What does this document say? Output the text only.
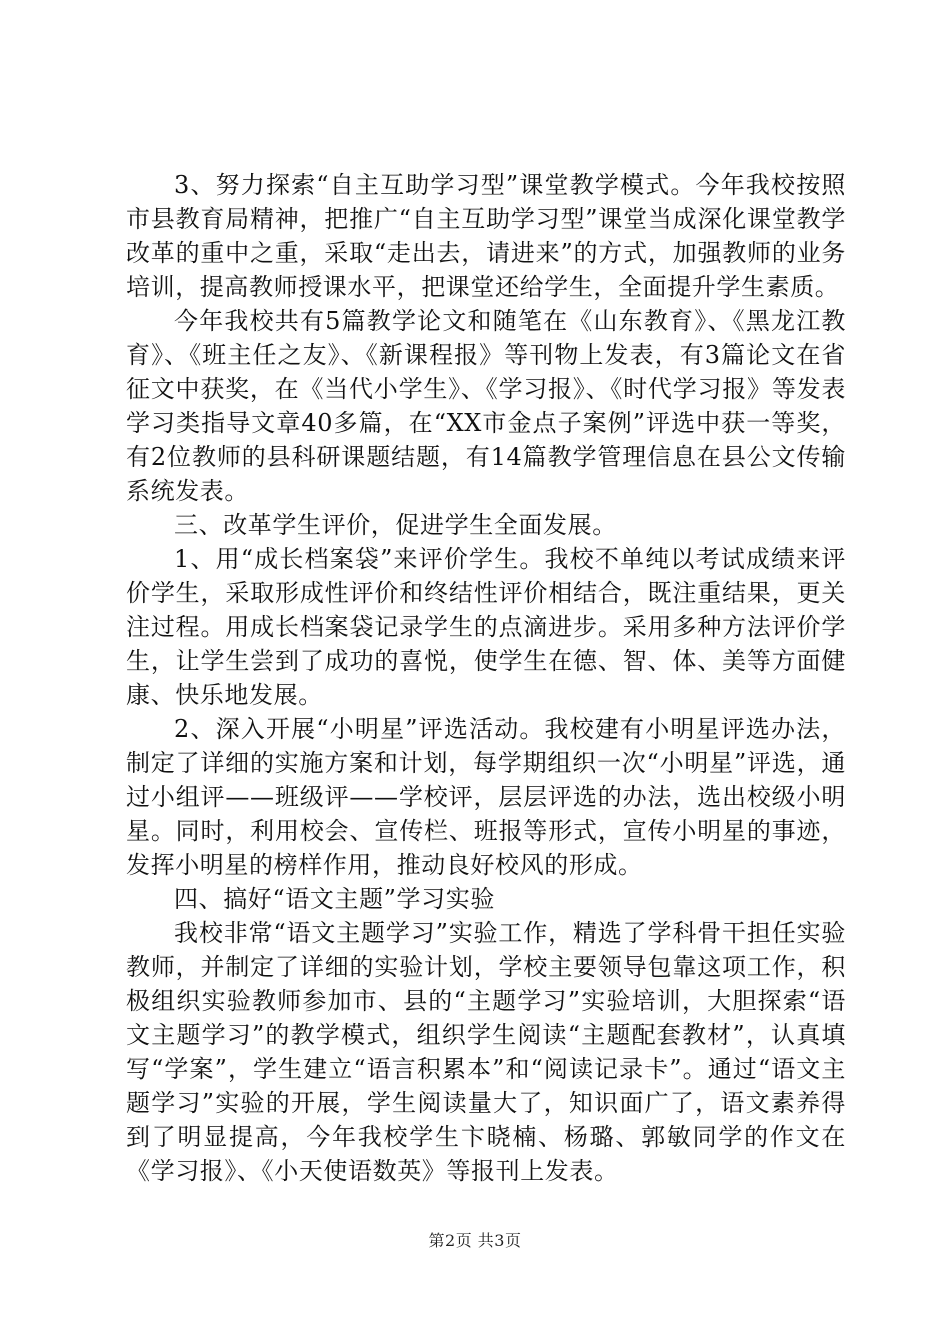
3、努力探索“自主互助学习型”课堂教学模式。今年我校按照市县教育局精神，把推广“自主互助学习型”课堂当成深化课堂教学改革的重中之重，采取“走出去，请进来”的方式，加强教师的业务培训，提高教师授课水平，把课堂还给学生，全面提升学生素质。

今年我校共有5篇教学论文和随笔在《山东教育》、《黑龙江教育》、《班主任之友》、《新课程报》等刊物上发表，有3篇论文在省征文中获奖，在《当代小学生》、《学习报》、《时代学习报》等发表学习类指导文章40多篇，在“XX市金点子案例”评选中获一等奖，有2位教师的县科研课题结题，有14篇教学管理信息在县公文传输系统发表。

三、改革学生评价，促进学生全面发展。

1、用“成长档案袋”来评价学生。我校不单纯以考试成绩来评价学生，采取形成性评价和终结性评价相结合，既注重结果，更关注过程。用成长档案袋记录学生的点滴进步。采用多种方法评价学生，让学生尝到了成功的喜悦，使学生在德、智、体、美等方面健康、快乐地发展。

2、深入开展“小明星”评选活动。我校建有小明星评选办法，制定了详细的实施方案和计划，每学期组织一次“小明星”评选，通过小组评——班级评——学校评，层层评选的办法，选出校级小明星。同时，利用校会、宣传栏、班报等形式，宣传小明星的事迹，发挥小明星的榜样作用，推动良好校风的形成。

四、搞好“语文主题”学习实验

我校非常“语文主题学习”实验工作，精选了学科骨干担任实验教师，并制定了详细的实验计划，学校主要领导包靠这项工作，积极组织实验教师参加市、县的“主题学习”实验培训，大胆探索“语文主题学习”的教学模式，组织学生阅读“主题配套教材”，认真填写“学案”，学生建立“语言积累本”和“阅读记录卡”。通过“语文主题学习”实验的开展，学生阅读量大了，知识面广了，语文素养得到了明显提高，今年我校学生卞晓楠、杨璐、郭敏同学的作文在《学习报》、《小天使语数英》等报刊上发表。

第2页 共3页
